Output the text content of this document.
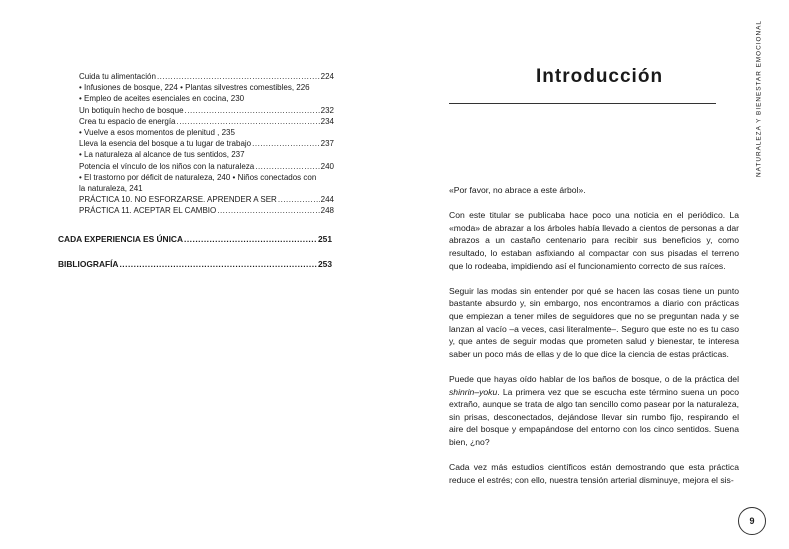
Cuida tu alimentación .....	224
• Infusiones de bosque, 224 • Plantas silvestres comestibles, 226
• Empleo de aceites esenciales en cocina, 230
Un botiquín hecho de bosque .....	232
Crea tu espacio de energía .....	234
• Vuelve a esos momentos de plenitud , 235
Lleva la esencia del bosque a tu lugar de trabajo .....	237
• La naturaleza al alcance de tus sentidos, 237
Potencia el vínculo de los niños con la naturaleza .....	240
• El trastorno por déficit de naturaleza, 240 • Niños conectados con
la naturaleza, 241
PRÁCTICA 10. NO ESFORZARSE. APRENDER A SER .....	244
PRÁCTICA 11. ACEPTAR EL CAMBIO .....	248
CADA EXPERIENCIA ES ÚNICA .....	251
BIBLIOGRAFÍA .....	253
Introducción	NATURALEZA Y BIENESTAR EMOCIONAL

«Por favor, no abrace a este árbol».

Con este titular se publicaba hace poco una noticia en el periódico. La «moda» de abrazar a los árboles había llevado a cientos de personas a dar abrazos a un castaño centenario para recibir sus beneficios y, como resultado, lo estaban asfixiando al compactar con sus pisadas el terreno que lo rodeaba, impidiendo así el funcionamiento correcto de sus raíces.

Seguir las modas sin entender por qué se hacen las cosas tiene un punto bastante absurdo y, sin embargo, nos encontramos a diario con prácticas que empiezan a tener miles de seguidores que no se preguntan nada y se lanzan al vacío –a veces, casi literalmente–. Seguro que este no es tu caso y, que antes de seguir modas que prometen salud y bienestar, te interesa saber un poco más de ellas y de lo que dice la ciencia de estas prácticas.

Puede que hayas oído hablar de los baños de bosque, o de la práctica del shinrin–yoku. La primera vez que se escucha este término suena un poco extraño, aunque se trata de algo tan sencillo como pasear por la naturaleza, sin prisas, desconectados, dejándose llevar sin rumbo fijo, respirando el aire del bosque y empapándose del entorno con los cinco sentidos. Suena bien, ¿no?

Cada vez más estudios científicos están demostrando que esta práctica reduce el estrés; con ello, nuestra tensión arterial disminuye, mejora el sis-

9
